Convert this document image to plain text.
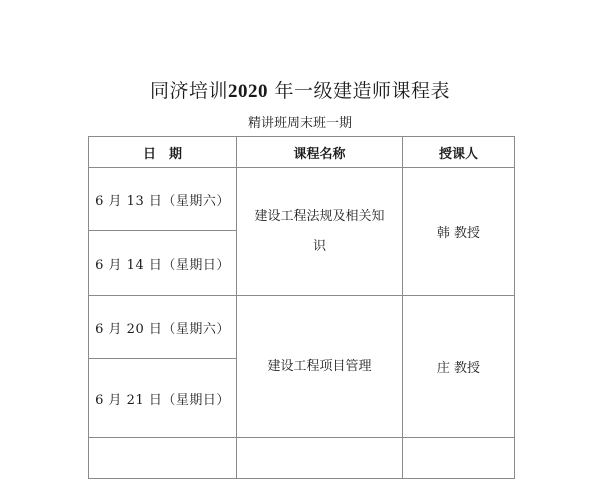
同济培训2020 年一级建造师课程表

精讲班周末班一期

日　期	课程名称	授课人
6 月 13 日（星期六）	建设工程法规及相关知识	韩 教授
6 月 14 日（星期日）		
6 月 20 日（星期六）	建设工程项目管理	庄 教授
6 月 21 日（星期日）		
